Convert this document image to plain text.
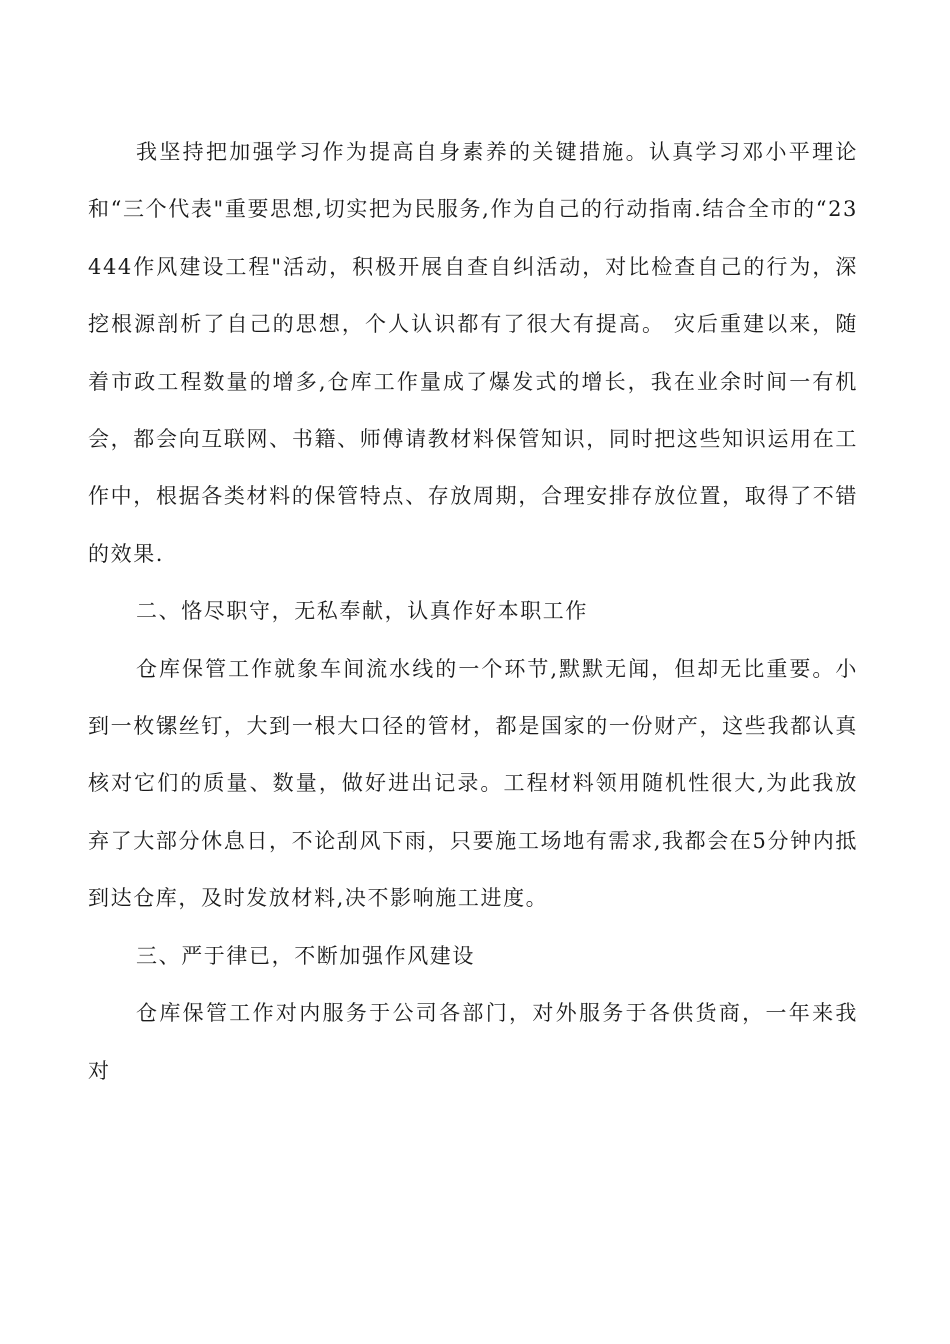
我坚持把加强学习作为提高自身素养的关键措施。认真学习邓小平理论和“三个代表"重要思想,切实把为民服务,作为自己的行动指南.结合全市的“23444作风建设工程"活动，积极开展自查自纠活动，对比检查自己的行为，深挖根源剖析了自己的思想，个人认识都有了很大有提高。 灾后重建以来，随着市政工程数量的增多,仓库工作量成了爆发式的增长，我在业余时间一有机会，都会向互联网、书籍、师傅请教材料保管知识，同时把这些知识运用在工作中，根据各类材料的保管特点、存放周期，合理安排存放位置，取得了不错的效果.

二、恪尽职守，无私奉献，认真作好本职工作

仓库保管工作就象车间流水线的一个环节,默默无闻，但却无比重要。小到一枚镙丝钉，大到一根大口径的管材，都是国家的一份财产，这些我都认真核对它们的质量、数量，做好进出记录。工程材料领用随机性很大,为此我放弃了大部分休息日，不论刮风下雨，只要施工场地有需求,我都会在5分钟内抵到达仓库，及时发放材料,决不影响施工进度。

三、严于律已，不断加强作风建设

仓库保管工作对内服务于公司各部门，对外服务于各供货商，一年来我对
